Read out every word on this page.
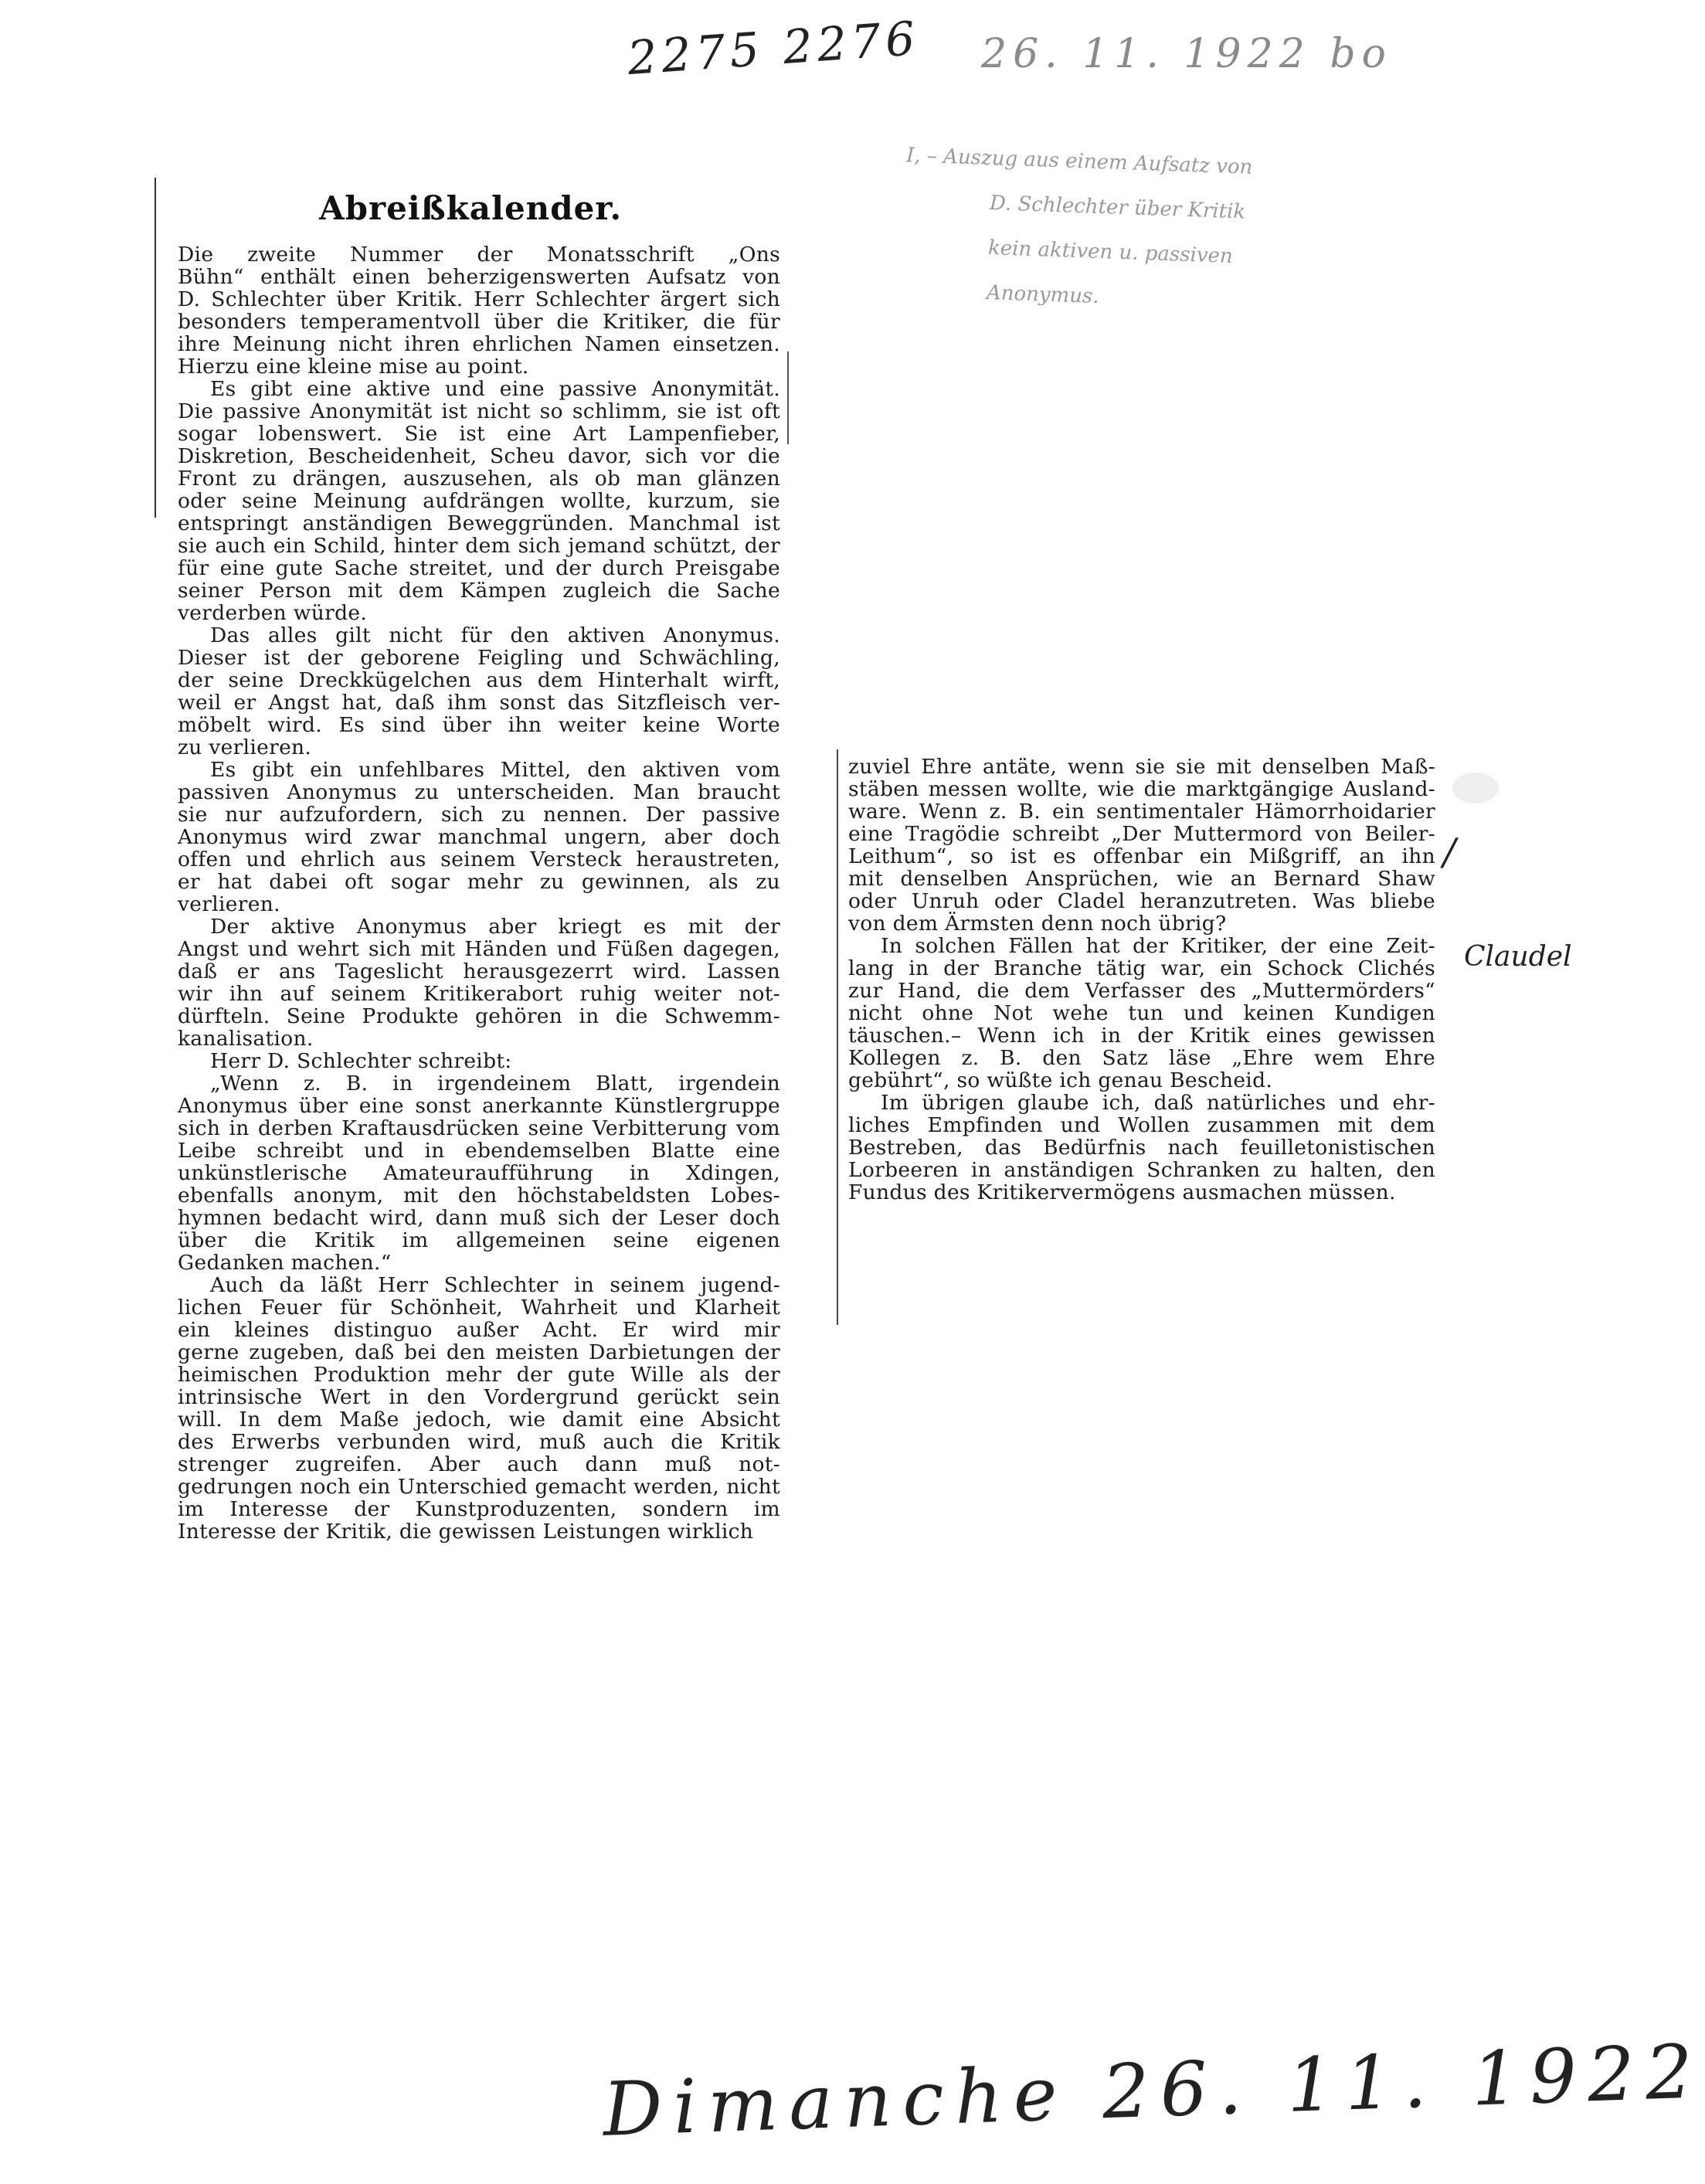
2275 2276 26. 11. 1922 bo
I, – Auszug aus einem Aufsatz von
D. Schlechter über Kritik
kein aktiven u. passiven
Anonymus.
Abreißkalender.
Die zweite Nummer der Monatsschrift „Ons
Bühn“ enthält einen beherzigenswerten Aufsatz von
D. Schlechter über Kritik. Herr Schlechter ärgert sich
besonders temperamentvoll über die Kritiker, die für
ihre Meinung nicht ihren ehrlichen Namen einsetzen.
Hierzu eine kleine mise au point.
Es gibt eine aktive und eine passive Anonymität.
Die passive Anonymität ist nicht so schlimm, sie ist oft
sogar lobenswert. Sie ist eine Art Lampenfieber,
Diskretion, Bescheidenheit, Scheu davor, sich vor die
Front zu drängen, auszusehen, als ob man glänzen
oder seine Meinung aufdrängen wollte, kurzum, sie
entspringt anständigen Beweggründen. Manchmal ist
sie auch ein Schild, hinter dem sich jemand schützt, der
für eine gute Sache streitet, und der durch Preisgabe
seiner Person mit dem Kämpen zugleich die Sache
verderben würde.
Das alles gilt nicht für den aktiven Anonymus.
Dieser ist der geborene Feigling und Schwächling,
der seine Dreckkügelchen aus dem Hinterhalt wirft,
weil er Angst hat, daß ihm sonst das Sitzfleisch ver-
möbelt wird. Es sind über ihn weiter keine Worte
zu verlieren.
Es gibt ein unfehlbares Mittel, den aktiven vom
passiven Anonymus zu unterscheiden. Man braucht
sie nur aufzufordern, sich zu nennen. Der passive
Anonymus wird zwar manchmal ungern, aber doch
offen und ehrlich aus seinem Versteck heraustreten,
er hat dabei oft sogar mehr zu gewinnen, als zu
verlieren.
Der aktive Anonymus aber kriegt es mit der
Angst und wehrt sich mit Händen und Füßen dagegen,
daß er ans Tageslicht herausgezerrt wird. Lassen
wir ihn auf seinem Kritikerabort ruhig weiter not-
dürfteln. Seine Produkte gehören in die Schwemm-
kanalisation.
Herr D. Schlechter schreibt:
„Wenn z. B. in irgendeinem Blatt, irgendein
Anonymus über eine sonst anerkannte Künstlergruppe
sich in derben Kraftausdrücken seine Verbitterung vom
Leibe schreibt und in ebendemselben Blatte eine
unkünstlerische Amateuraufführung in Xdingen,
ebenfalls anonym, mit den höchstabeldsten Lobes-
hymnen bedacht wird, dann muß sich der Leser doch
über die Kritik im allgemeinen seine eigenen
Gedanken machen.“
Auch da läßt Herr Schlechter in seinem jugend-
lichen Feuer für Schönheit, Wahrheit und Klarheit
ein kleines distinguo außer Acht. Er wird mir
gerne zugeben, daß bei den meisten Darbietungen der
heimischen Produktion mehr der gute Wille als der
intrinsische Wert in den Vordergrund gerückt sein
will. In dem Maße jedoch, wie damit eine Absicht
des Erwerbs verbunden wird, muß auch die Kritik
strenger zugreifen. Aber auch dann muß not-
gedrungen noch ein Unterschied gemacht werden, nicht
im Interesse der Kunstproduzenten, sondern im
Interesse der Kritik, die gewissen Leistungen wirklich
zuviel Ehre antäte, wenn sie sie mit denselben Maß-
stäben messen wollte, wie die marktgängige Ausland-
ware. Wenn z. B. ein sentimentaler Hämorrhoidarier
eine Tragödie schreibt „Der Muttermord von Beiler-
Leithum“, so ist es offenbar ein Mißgriff, an ihn
mit denselben Ansprüchen, wie an Bernard Shaw
oder Unruh oder Cladel heranzutreten. Was bliebe
von dem Ärmsten denn noch übrig?
In solchen Fällen hat der Kritiker, der eine Zeit-
lang in der Branche tätig war, ein Schock Clichés
zur Hand, die dem Verfasser des „Muttermörders“
nicht ohne Not wehe tun und keinen Kundigen
täuschen.– Wenn ich in der Kritik eines gewissen
Kollegen z. B. den Satz läse „Ehre wem Ehre
gebührt“, so wüßte ich genau Bescheid.
Im übrigen glaube ich, daß natürliches und ehr-
liches Empfinden und Wollen zusammen mit dem
Bestreben, das Bedürfnis nach feuilletonistischen
Lorbeeren in anständigen Schranken zu halten, den
Fundus des Kritikervermögens ausmachen müssen.
Claudel
/
Dimanche 26. 11. 1922
